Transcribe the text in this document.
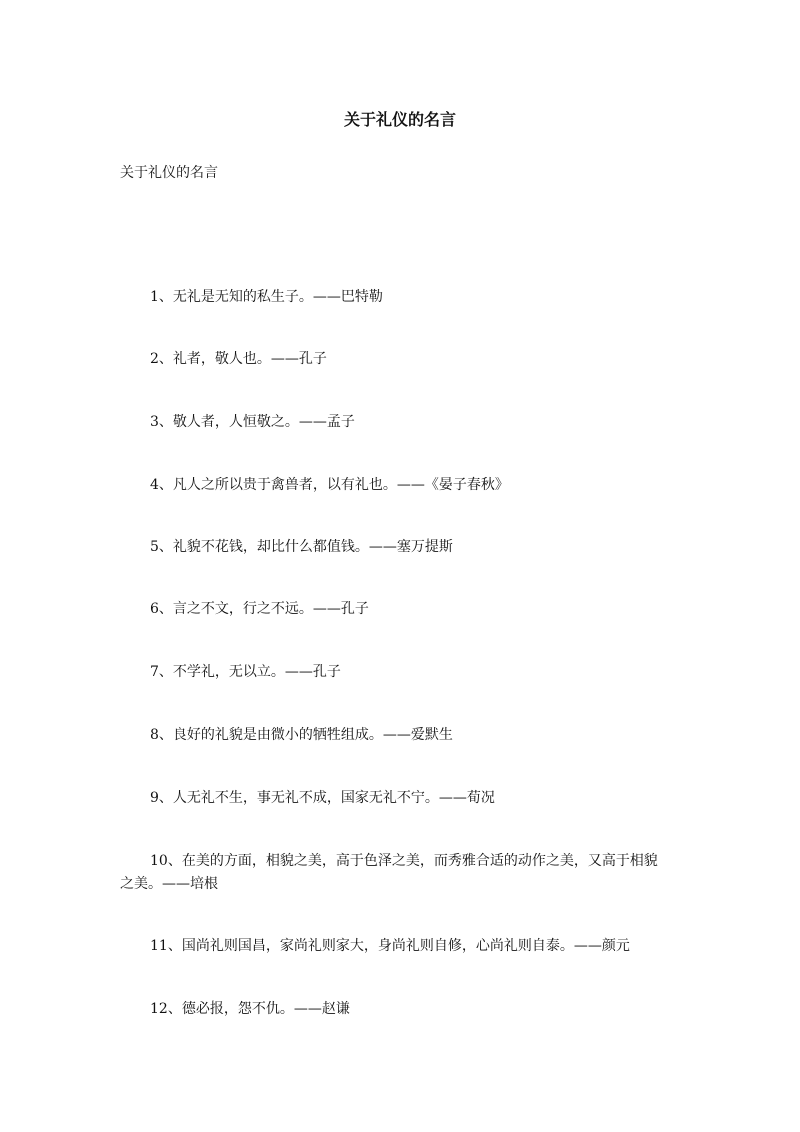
关于礼仪的名言
关于礼仪的名言

1、无礼是无知的私生子。——巴特勒

2、礼者，敬人也。——孔子

3、敬人者，人恒敬之。——孟子

4、凡人之所以贵于禽兽者，以有礼也。——《晏子春秋》

5、礼貌不花钱，却比什么都值钱。——塞万提斯

6、言之不文，行之不远。——孔子

7、不学礼，无以立。——孔子

8、良好的礼貌是由微小的牺牲组成。——爱默生

9、人无礼不生，事无礼不成，国家无礼不宁。——荀况

10、在美的方面，相貌之美，高于色泽之美，而秀雅合适的动作之美，又高于相貌之美。——培根

11、国尚礼则国昌，家尚礼则家大，身尚礼则自修，心尚礼则自泰。——颜元

12、德必报，怨不仇。——赵谦
